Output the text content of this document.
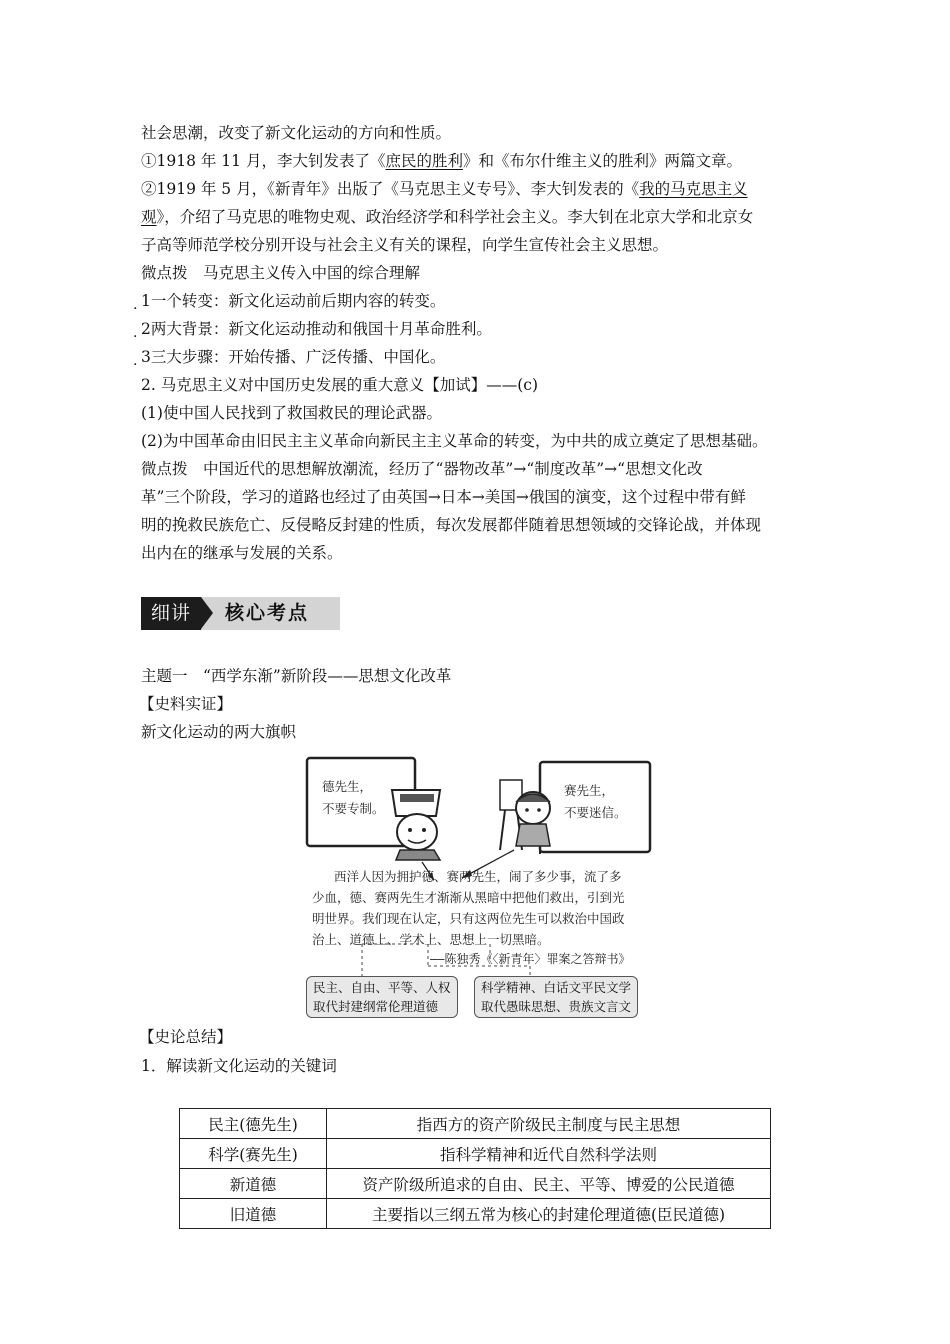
社会思潮，改变了新文化运动的方向和性质。
①1918 年 11 月，李大钊发表了《庶民的胜利》和《布尔什维主义的胜利》两篇文章。
②1919 年 5 月，《新青年》出版了《马克思主义专号》、李大钊发表的《我的马克思主义
观》，介绍了马克思的唯物史观、政治经济学和科学社会主义。李大钊在北京大学和北京女
子高等师范学校分别开设与社会主义有关的课程，向学生宣传社会主义思想。
微点拨　马克思主义传入中国的综合理解
. 1一个转变：新文化运动前后期内容的转变。
. 2两大背景：新文化运动推动和俄国十月革命胜利。
. 3三大步骤：开始传播、广泛传播、中国化。
2. 马克思主义对中国历史发展的重大意义【加试】——(c)
(1)使中国人民找到了救国救民的理论武器。
(2)为中国革命由旧民主主义革命向新民主主义革命的转变，为中共的成立奠定了思想基础。
微点拨　中国近代的思想解放潮流，经历了“器物改革”→“制度改革”→“思想文化改
革”三个阶段，学习的道路也经过了由英国→日本→美国→俄国的演变，这个过程中带有鲜
明的挽救民族危亡、反侵略反封建的性质，每次发展都伴随着思想领域的交锋论战，并体现
出内在的继承与发展的关系。
细讲	核心考点
主题一　“西学东渐”新阶段——思想文化改革
【史料实证】
新文化运动的两大旗帜
德先生，
不要专制。
赛先生，
不要迷信。
西洋人因为拥护德、赛两先生，闹了多少事，流了多
少血，德、赛两先生才渐渐从黑暗中把他们救出，引到光
明世界。我们现在认定，只有这两位先生可以救治中国政
治上、道德上、学术上、思想上一切黑暗。
——陈独秀《〈新青年〉罪案之答辩书》
民主、自由、平等、人权
取代封建纲常伦理道德
科学精神、白话文平民文学
取代愚昧思想、贵族文言文
【史论总结】
1．解读新文化运动的关键词
民主(德先生)	指西方的资产阶级民主制度与民主思想
科学(赛先生)	指科学精神和近代自然科学法则
新道德	资产阶级所追求的自由、民主、平等、博爱的公民道德
旧道德	主要指以三纲五常为核心的封建伦理道德(臣民道德)
